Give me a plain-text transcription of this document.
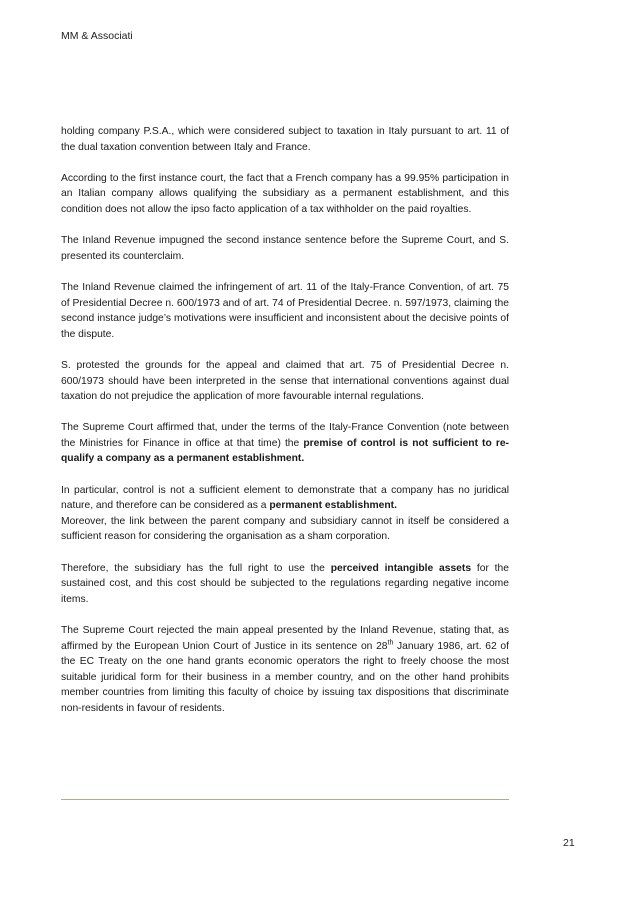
MM & Associati

holding company P.S.A., which were considered subject to taxation in Italy pursuant to art. 11 of the dual taxation convention between Italy and France.

According to the first instance court, the fact that a French company has a 99.95% participation in an Italian company allows qualifying the subsidiary as a permanent establishment, and this condition does not allow the ipso facto application of a tax withholder on the paid royalties.

The Inland Revenue impugned the second instance sentence before the Supreme Court, and S. presented its counterclaim.

The Inland Revenue claimed the infringement of art. 11 of the Italy-France Convention, of art. 75 of Presidential Decree n. 600/1973 and of art. 74 of Presidential Decree. n. 597/1973, claiming the second instance judge’s motivations were insufficient and inconsistent about the decisive points of the dispute.

S. protested the grounds for the appeal and claimed that art. 75 of Presidential Decree n. 600/1973 should have been interpreted in the sense that international conventions against dual taxation do not prejudice the application of more favourable internal regulations.

The Supreme Court affirmed that, under the terms of the Italy-France Convention (note between the Ministries for Finance in office at that time) the premise of control is not sufficient to re-qualify a company as a permanent establishment.

In particular, control is not a sufficient element to demonstrate that a company has no juridical nature, and therefore can be considered as a permanent establishment.
Moreover, the link between the parent company and subsidiary cannot in itself be considered a sufficient reason for considering the organisation as a sham corporation.

Therefore, the subsidiary has the full right to use the perceived intangible assets for the sustained cost, and this cost should be subjected to the regulations regarding negative income items.

The Supreme Court rejected the main appeal presented by the Inland Revenue, stating that, as affirmed by the European Union Court of Justice in its sentence on 28th January 1986, art. 62 of the EC Treaty on the one hand grants economic operators the right to freely choose the most suitable juridical form for their business in a member country, and on the other hand prohibits member countries from limiting this faculty of choice by issuing tax dispositions that discriminate non-residents in favour of residents.

21
